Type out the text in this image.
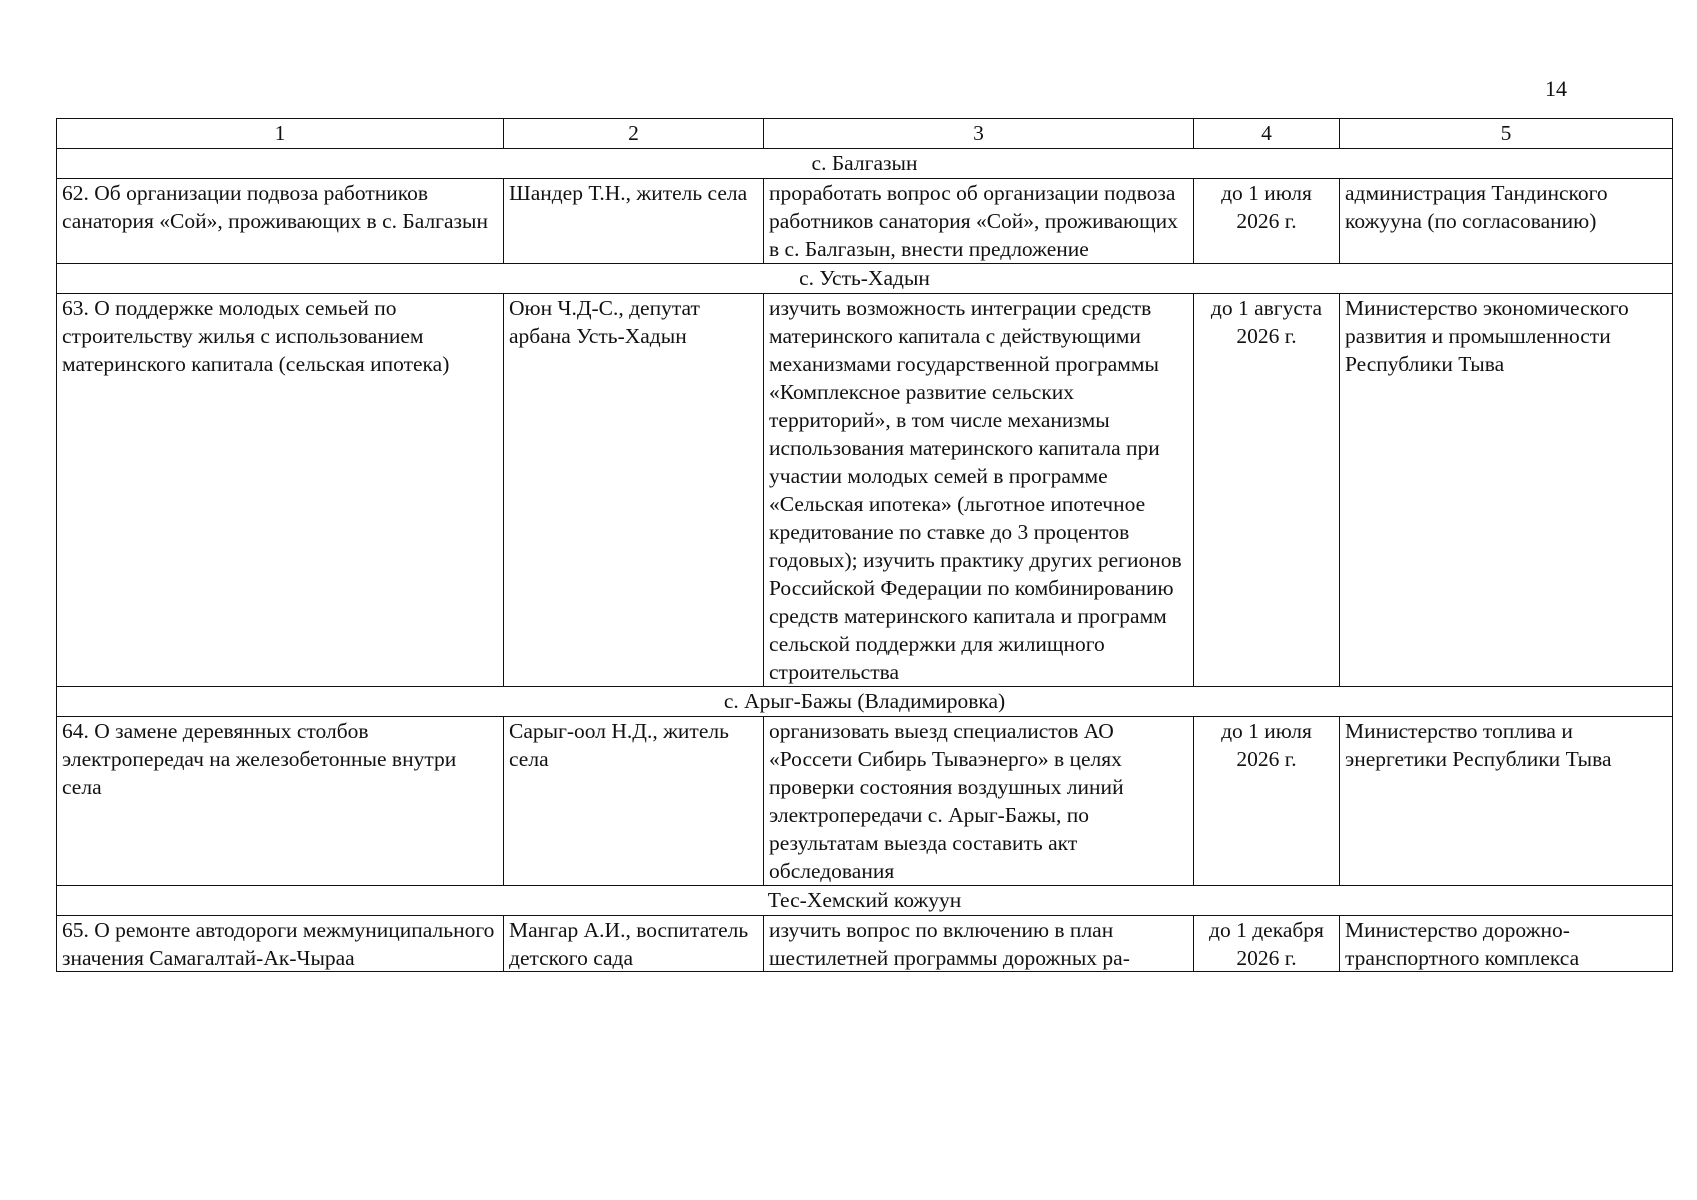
14
1	2	3	4	5
с. Балгазын				
62. Об организации подвоза работников санатория «Сой», проживающих в с. Балгазын	Шандер Т.Н., житель села	проработать вопрос об организации подвоза работников санатория «Сой», проживающих в с. Балгазын, внести предложение	до 1 июля 2026 г.	администрация Тандинского кожууна (по согласованию)
с. Усть-Хадын				
63. О поддержке молодых семьей по строительству жилья с использованием материнского капитала (сельская ипотека)	Оюн Ч.Д-С., депутат арбана Усть-Хадын	изучить возможность интеграции средств материнского капитала с действующими механизмами государственной программы «Комплексное развитие сельских территорий», в том числе механизмы использования материнского капитала при участии молодых семей в программе «Сельская ипотека» (льготное ипотечное кредитование по ставке до 3 процентов годовых); изучить практику других регионов Российской Федерации по комбинированию средств материнского капитала и программ сельской поддержки для жилищного строительства	до 1 августа 2026 г.	Министерство экономического развития и промышленности Республики Тыва
с. Арыг-Бажы (Владимировка)				
64. О замене деревянных столбов электропередач на железобетонные внутри села	Сарыг-оол Н.Д., житель села	организовать выезд специалистов АО «Россети Сибирь Тываэнерго» в целях проверки состояния воздушных линий электропередачи с. Арыг-Бажы, по результатам выезда составить акт обследования	до 1 июля 2026 г.	Министерство топлива и энергетики Республики Тыва
Тес-Хемский кожуун				

65. О ремонте автодороги межмуниципального значения Самагалтай-Ак-Чыраа	Мангар А.И., воспитатель детского сада	изучить вопрос по включению в план шестилетней программы дорожных ра-	до 1 декабря 2026 г.	Министерство дорожно-транспортного комплекса
